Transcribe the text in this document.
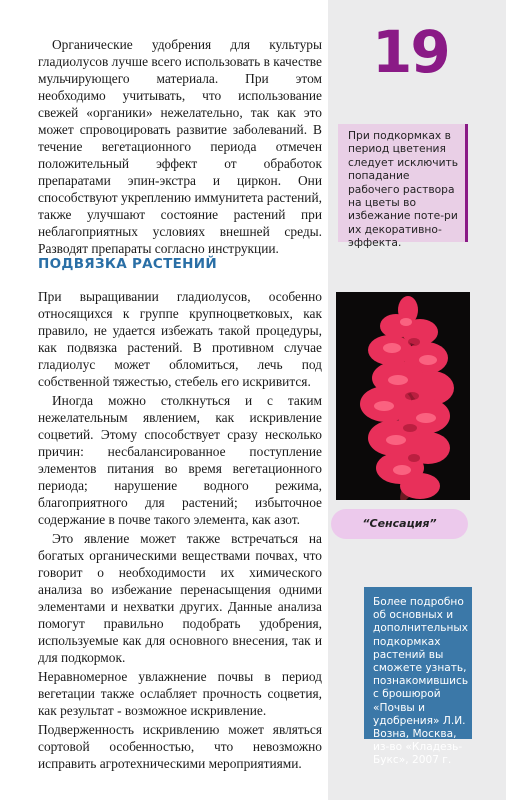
19

Органические удобрения для культуры гладиолусов лучше всего использовать в качестве мульчирующего материала. При этом необходимо учитывать, что использование свежей «органики» нежелательно, так как это может спровоцировать развитие заболеваний. В течение вегетационного периода отмечен положительный эффект от обработок препаратами эпин-экстра и циркон. Они способствуют укреплению иммунитета растений, также улучшают состояние растений при неблагоприятных условиях внешней среды. Разводят препараты согласно инструкции.

ПОДВЯЗКА РАСТЕНИЙ

При выращивании гладиолусов, особенно относящихся к группе крупноцветковых, как правило, не удается избежать такой процедуры, как подвязка растений. В противном случае гладиолус может обломиться, лечь под собственной тяжестью, стебель его искривится.

Иногда можно столкнуться и с таким нежелательным явлением, как искривление соцветий. Этому способствует сразу несколько причин: несбалансированное поступление элементов питания во время вегетационного периода; нарушение водного режима, благоприятного для растений; избыточное содержание в почве такого элемента, как азот.

Это явление может также встречаться на богатых органическими веществами почвах, что говорит о необходимости их химического анализа во избежание перенасыщения одними элементами и нехватки других. Данные анализа помогут правильно подобрать удобрения, используемые как для основного внесения, так и для подкормок.

Неравномерное увлажнение почвы в период вегетации также ослабляет прочность соцветия, как результат - возможное искривление.

Подверженность искривлению может являться сортовой особенностью, что невозможно исправить агротехническими мероприятиями.

При подкормках в период цветения следует исключить попадание рабочего раствора на цветы во избежание поте-ри их декоративно-эффекта.
“Сенсация”
Более подробно об основных и дополнительных подкормках растений вы сможете узнать, познакомившись с брошюрой «Почвы и удобрения» Л.И. Возна, Москва, из-во «Кладезь-Букс», 2007 г.
